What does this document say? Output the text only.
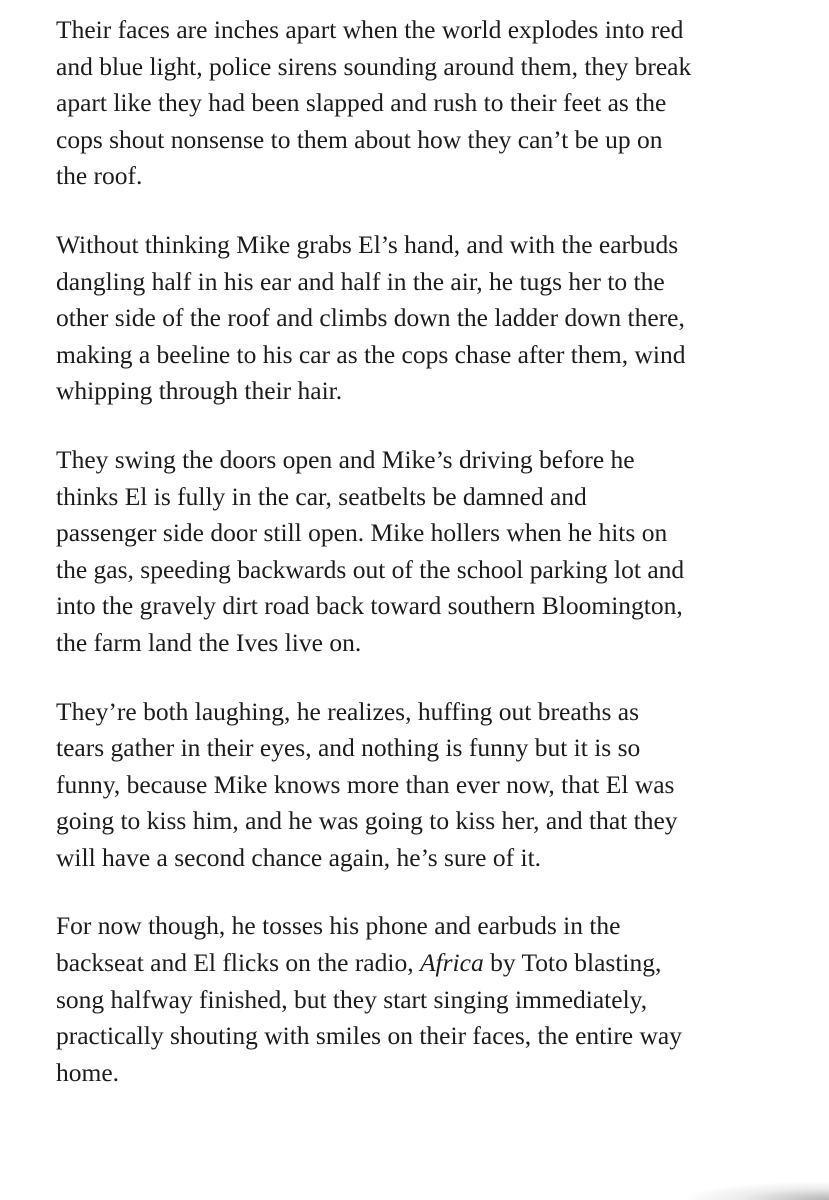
Their faces are inches apart when the world explodes into red
and blue light, police sirens sounding around them, they break
apart like they had been slapped and rush to their feet as the
cops shout nonsense to them about how they can’t be up on
the roof.

Without thinking Mike grabs El’s hand, and with the earbuds
dangling half in his ear and half in the air, he tugs her to the
other side of the roof and climbs down the ladder down there,
making a beeline to his car as the cops chase after them, wind
whipping through their hair.

They swing the doors open and Mike’s driving before he
thinks El is fully in the car, seatbelts be damned and
passenger side door still open. Mike hollers when he hits on
the gas, speeding backwards out of the school parking lot and
into the gravely dirt road back toward southern Bloomington,
the farm land the Ives live on.

They’re both laughing, he realizes, huffing out breaths as
tears gather in their eyes, and nothing is funny but it is so
funny, because Mike knows more than ever now, that El was
going to kiss him, and he was going to kiss her, and that they
will have a second chance again, he’s sure of it.

For now though, he tosses his phone and earbuds in the
backseat and El flicks on the radio, Africa by Toto blasting,
song halfway finished, but they start singing immediately,
practically shouting with smiles on their faces, the entire way
home.
